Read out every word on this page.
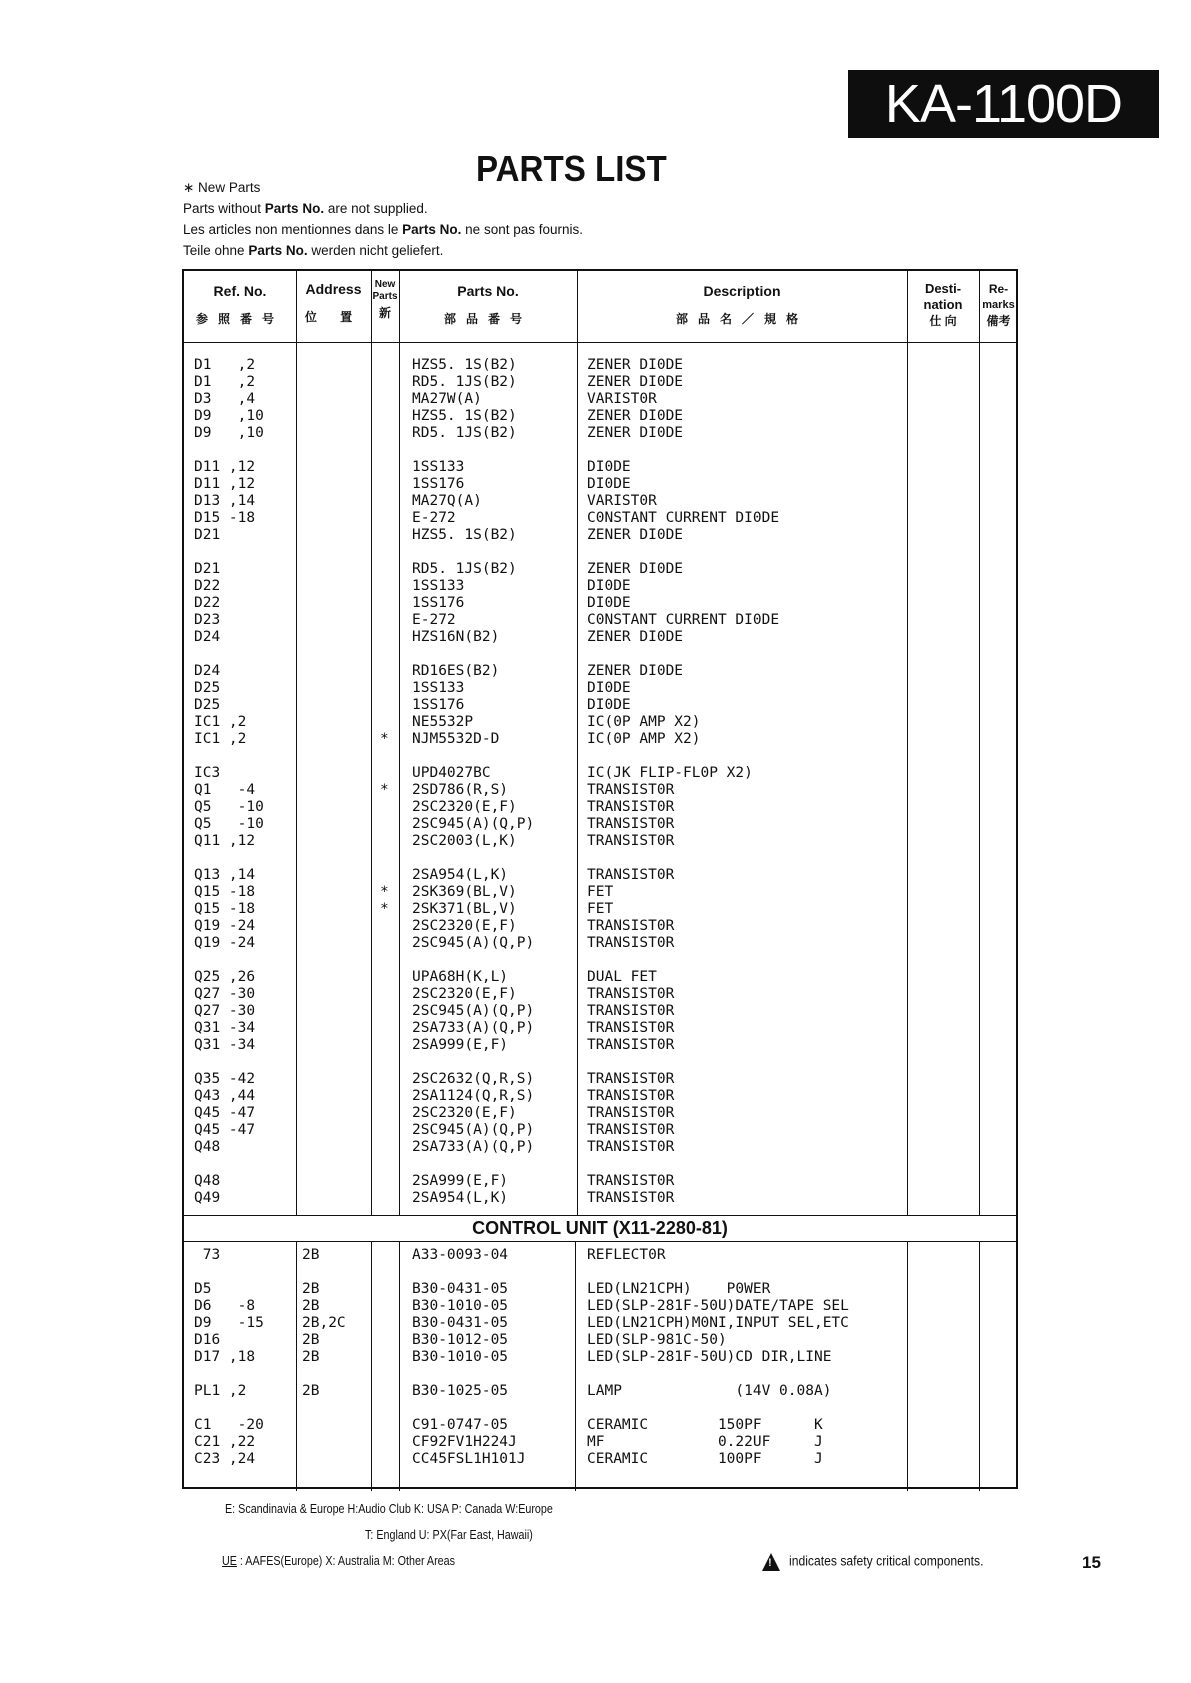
KA-1100D
PARTS LIST
∗ New Parts
Parts without Parts No. are not supplied.
Les articles non mentionnes dans le Parts No. ne sont pas fournis.
Teile ohne Parts No. werden nicht geliefert.
Ref. No.
参照番号
Address
位 置
New
Parts
新
Parts No.
部品番号
Description
部品名／規格
Desti-
nation
仕 向
Re-
marks
備考
CONTROL UNIT (X11-2280-81)
D1   ,2	HZS5. 1S(B2)	ZENER DI0DE
D1   ,2	RD5. 1JS(B2)	ZENER DI0DE
D3   ,4	MA27W(A)	VARIST0R
D9   ,10	HZS5. 1S(B2)	ZENER DI0DE
D9   ,10	RD5. 1JS(B2)	ZENER DI0DE
D11 ,12	1SS133	DI0DE
D11 ,12	1SS176	DI0DE
D13 ,14	MA27Q(A)	VARIST0R
D15 -18	E-272	C0NSTANT CURRENT DI0DE
D21	HZS5. 1S(B2)	ZENER DI0DE
D21	RD5. 1JS(B2)	ZENER DI0DE
D22	1SS133	DI0DE
D22	1SS176	DI0DE
D23	E-272	C0NSTANT CURRENT DI0DE
D24	HZS16N(B2)	ZENER DI0DE
D24	RD16ES(B2)	ZENER DI0DE
D25	1SS133	DI0DE
D25	1SS176	DI0DE
IC1 ,2	NE5532P	IC(0P AMP X2)
IC1 ,2	* NJM5532D-D	IC(0P AMP X2)
IC3	UPD4027BC	IC(JK FLIP-FL0P X2)
Q1   -4	* 2SD786(R,S)	TRANSIST0R
Q5   -10	2SC2320(E,F)	TRANSIST0R
Q5   -10	2SC945(A)(Q,P)	TRANSIST0R
Q11 ,12	2SC2003(L,K)	TRANSIST0R
Q13 ,14	2SA954(L,K)	TRANSIST0R
Q15 -18	* 2SK369(BL,V)	FET
Q15 -18	* 2SK371(BL,V)	FET
Q19 -24	2SC2320(E,F)	TRANSIST0R
Q19 -24	2SC945(A)(Q,P)	TRANSIST0R
Q25 ,26	UPA68H(K,L)	DUAL FET
Q27 -30	2SC2320(E,F)	TRANSIST0R
Q27 -30	2SC945(A)(Q,P)	TRANSIST0R
Q31 -34	2SA733(A)(Q,P)	TRANSIST0R
Q31 -34	2SA999(E,F)	TRANSIST0R
Q35 -42	2SC2632(Q,R,S)	TRANSIST0R
Q43 ,44	2SA1124(Q,R,S)	TRANSIST0R
Q45 -47	2SC2320(E,F)	TRANSIST0R
Q45 -47	2SC945(A)(Q,P)	TRANSIST0R
Q48	2SA733(A)(Q,P)	TRANSIST0R
Q48	2SA999(E,F)	TRANSIST0R
Q49	2SA954(L,K)	TRANSIST0R
73	2B	A33-0093-04	REFLECT0R
D5	2B	B30-0431-05	LED(LN21CPH)    P0WER
D6   -8	2B	B30-1010-05	LED(SLP-281F-50U)DATE/TAPE SEL
D9   -15	2B,2C	B30-0431-05	LED(LN21CPH)M0NI,INPUT SEL,ETC
D16	2B	B30-1012-05	LED(SLP-981C-50)
D17 ,18	2B	B30-1010-05	LED(SLP-281F-50U)CD DIR,LINE
PL1 ,2	2B	B30-1025-05	LAMP             (14V 0.08A)
C1   -20	C91-0747-05	CERAMIC        150PF      K
C21 ,22	CF92FV1H224J	MF             0.22UF     J
C23 ,24	CC45FSL1H101J	CERAMIC        100PF      J
E: Scandinavia & Europe H:Audio Club K: USA P: Canada W:Europe
T: England U: PX(Far East, Hawaii)
UE : AAFES(Europe) X: Australia M: Other Areas
!	indicates safety critical components.	15
